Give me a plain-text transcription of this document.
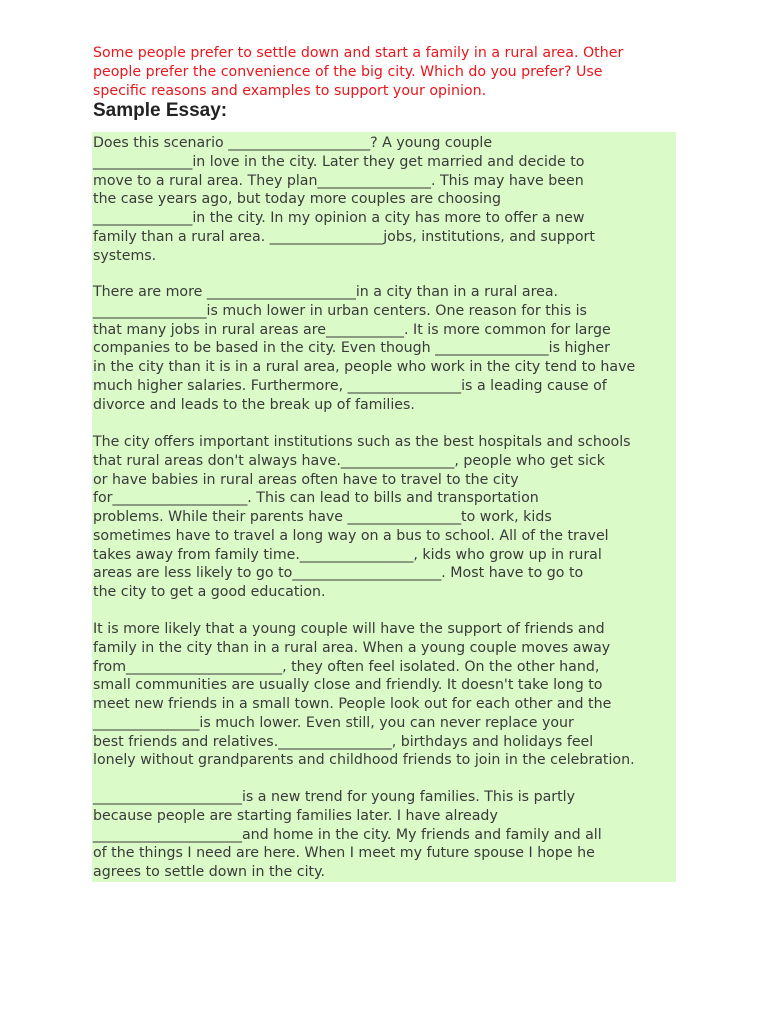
Some people prefer to settle down and start a family in a rural area. Other
people prefer the convenience of the big city. Which do you prefer? Use
specific reasons and examples to support your opinion.

Sample Essay:

Does this scenario ____________________? A young couple
______________in love in the city. Later they get married and decide to
move to a rural area. They plan________________. This may have been
the case years ago, but today more couples are choosing
______________in the city. In my opinion a city has more to offer a new
family than a rural area. ________________jobs, institutions, and support
systems.

There are more _____________________in a city than in a rural area.
________________is much lower in urban centers. One reason for this is
that many jobs in rural areas are___________. It is more common for large
companies to be based in the city. Even though ________________is higher
in the city than it is in a rural area, people who work in the city tend to have
much higher salaries. Furthermore, ________________is a leading cause of
divorce and leads to the break up of families.

The city offers important institutions such as the best hospitals and schools
that rural areas don't always have.________________, people who get sick
or have babies in rural areas often have to travel to the city
for___________________. This can lead to bills and transportation
problems. While their parents have ________________to work, kids
sometimes have to travel a long way on a bus to school. All of the travel
takes away from family time.________________, kids who grow up in rural
areas are less likely to go to_____________________. Most have to go to
the city to get a good education.

It is more likely that a young couple will have the support of friends and
family in the city than in a rural area. When a young couple moves away
from______________________, they often feel isolated. On the other hand,
small communities are usually close and friendly. It doesn't take long to
meet new friends in a small town. People look out for each other and the
_______________is much lower. Even still, you can never replace your
best friends and relatives.________________, birthdays and holidays feel
lonely without grandparents and childhood friends to join in the celebration.

_____________________is a new trend for young families. This is partly
because people are starting families later. I have already
_____________________and home in the city. My friends and family and all
of the things I need are here. When I meet my future spouse I hope he
agrees to settle down in the city.
